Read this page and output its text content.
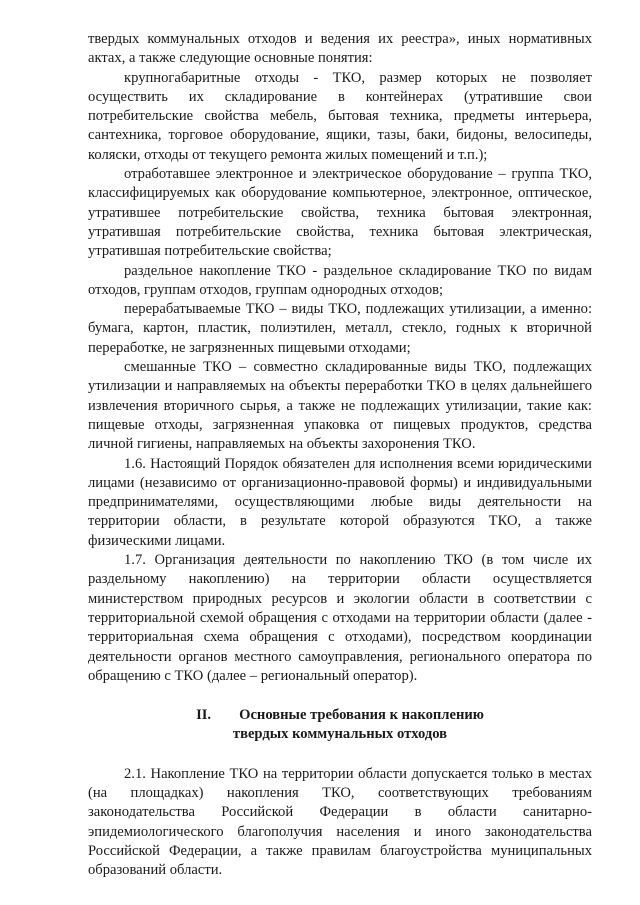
твердых коммунальных отходов и ведения их реестра», иных нормативных актах, а также следующие основные понятия:

крупногабаритные отходы - ТКО, размер которых не позволяет осуществить их складирование в контейнерах (утратившие свои потребительские свойства мебель, бытовая техника, предметы интерьера, сантехника, торговое оборудование, ящики, тазы, баки, бидоны, велосипеды, коляски, отходы от текущего ремонта жилых помещений и т.п.);

отработавшее электронное и электрическое оборудование – группа ТКО, классифицируемых как оборудование компьютерное, электронное, оптическое, утратившее потребительские свойства, техника бытовая электронная, утратившая потребительские свойства, техника бытовая электрическая, утратившая потребительские свойства;

раздельное накопление ТКО - раздельное складирование ТКО по видам отходов, группам отходов, группам однородных отходов;

перерабатываемые ТКО – виды ТКО, подлежащих утилизации, а именно: бумага, картон, пластик, полиэтилен, металл, стекло, годных к вторичной переработке, не загрязненных пищевыми отходами;

смешанные ТКО – совместно складированные виды ТКО, подлежащих утилизации и направляемых на объекты переработки ТКО в целях дальнейшего извлечения вторичного сырья, а также не подлежащих утилизации, такие как: пищевые отходы, загрязненная упаковка от пищевых продуктов, средства личной гигиены, направляемых на объекты захоронения ТКО.

1.6. Настоящий Порядок обязателен для исполнения всеми юридическими лицами (независимо от организационно-правовой формы) и индивидуальными предпринимателями, осуществляющими любые виды деятельности на территории области, в результате которой образуются ТКО, а также физическими лицами.

1.7. Организация деятельности по накоплению ТКО (в том числе их раздельному накоплению) на территории области осуществляется министерством природных ресурсов и экологии области в соответствии с территориальной схемой обращения с отходами на территории области (далее - территориальная схема обращения с отходами), посредством координации деятельности органов местного самоуправления, регионального оператора по обращению с ТКО (далее – региональный оператор).

II. Основные требования к накоплению
твердых коммунальных отходов

2.1. Накопление ТКО на территории области допускается только в местах (на площадках) накопления ТКО, соответствующих требованиям законодательства Российской Федерации в области санитарно-эпидемиологического благополучия населения и иного законодательства Российской Федерации, а также правилам благоустройства муниципальных образований области.
